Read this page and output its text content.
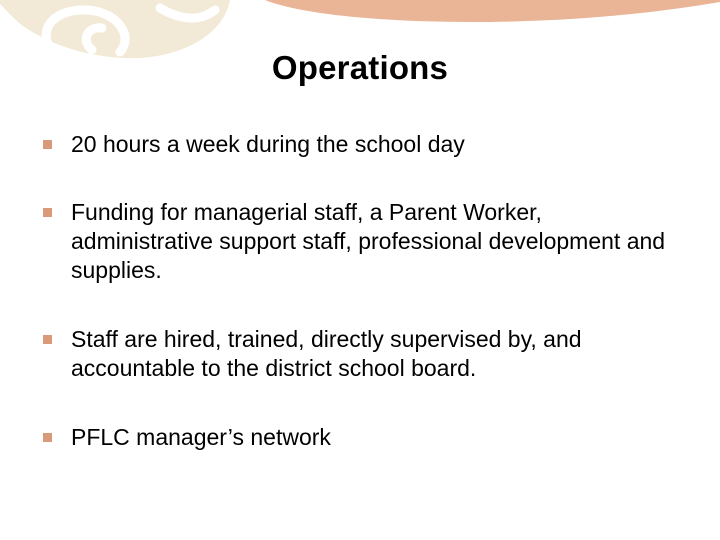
Operations
20 hours a week during the school day
Funding for managerial staff, a Parent Worker, administrative support staff, professional development and supplies.
Staff are hired, trained, directly supervised by, and accountable to the district school board.
PFLC manager’s network
